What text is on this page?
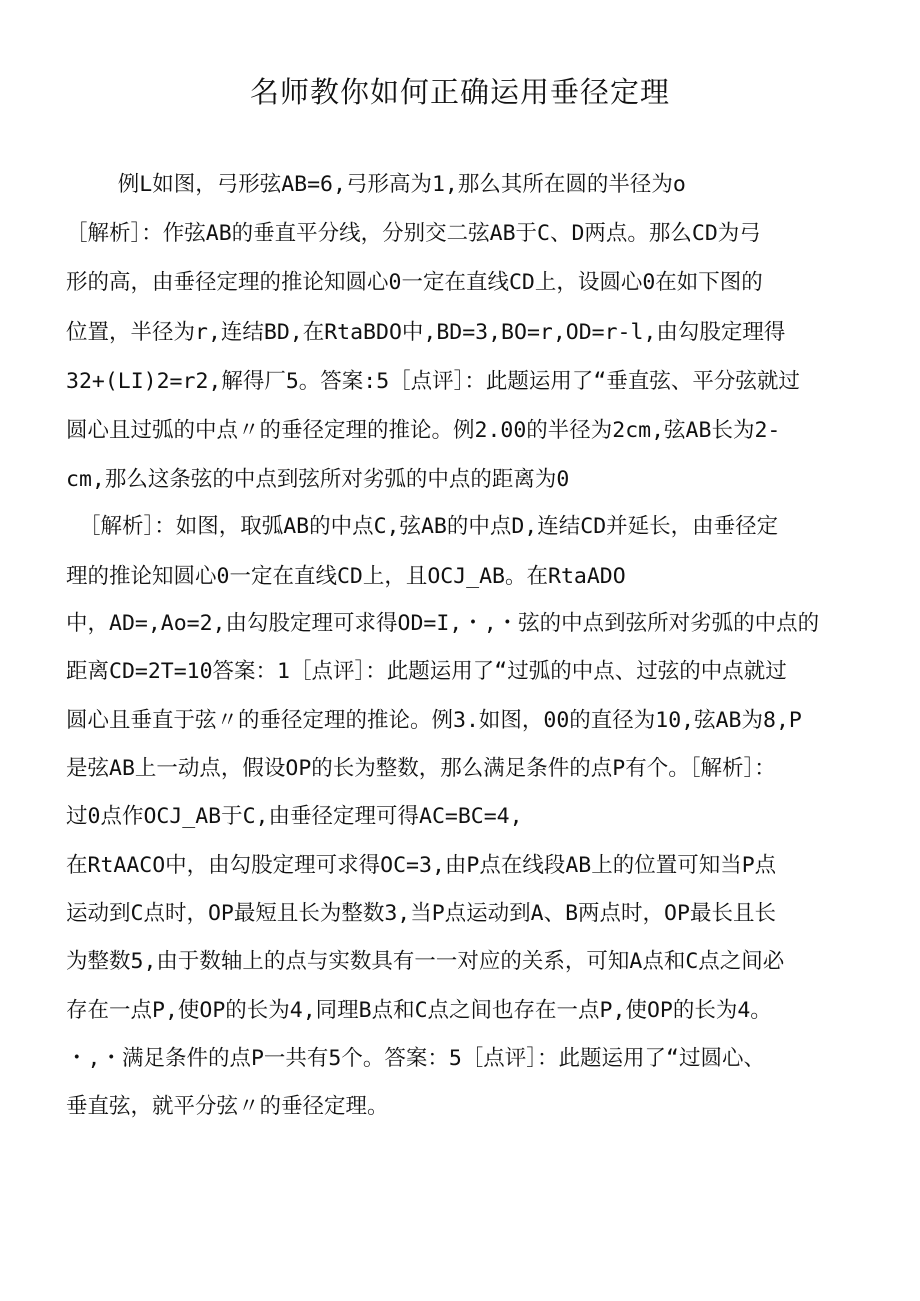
名师教你如何正确运用垂径定理
例L如图，弓形弦AB=6,弓形高为1,那么其所在圆的半径为o
［解析］：作弦AB的垂直平分线，分别交二弦AB于C、D两点。那么CD为弓
形的高，由垂径定理的推论知圆心0一定在直线CD上，设圆心0在如下图的
位置，半径为r,连结BD,在RtaBDO中,BD=3,BO=r,OD=r-l,由勾股定理得
32+(LI)2=r2,解得厂5。答案:5［点评］：此题运用了“垂直弦、平分弦就过
圆心且过弧的中点〃的垂径定理的推论。例2.00的半径为2cm,弦AB长为2-
cm,那么这条弦的中点到弦所对劣弧的中点的距离为0
［解析］：如图，取弧AB的中点C,弦AB的中点D,连结CD并延长，由垂径定
理的推论知圆心0一定在直线CD上，且OCJ_AB。在RtaADO
中，AD=,Ao=2,由勾股定理可求得OD=I,・,・弦的中点到弦所对劣弧的中点的
距离CD=2T=10答案：1［点评］：此题运用了“过弧的中点、过弦的中点就过
圆心且垂直于弦〃的垂径定理的推论。例3.如图，00的直径为10,弦AB为8,P
是弦AB上一动点，假设OP的长为整数，那么满足条件的点P有个。［解析］：
过0点作OCJ_AB于C,由垂径定理可得AC=BC=4,
在RtAACO中，由勾股定理可求得OC=3,由P点在线段AB上的位置可知当P点
运动到C点时，OP最短且长为整数3,当P点运动到A、B两点时，OP最长且长
为整数5,由于数轴上的点与实数具有一一对应的关系，可知A点和C点之间必
存在一点P,使OP的长为4,同理B点和C点之间也存在一点P,使OP的长为4。
・,・满足条件的点P一共有5个。答案：5［点评］：此题运用了“过圆心、
垂直弦，就平分弦〃的垂径定理。
